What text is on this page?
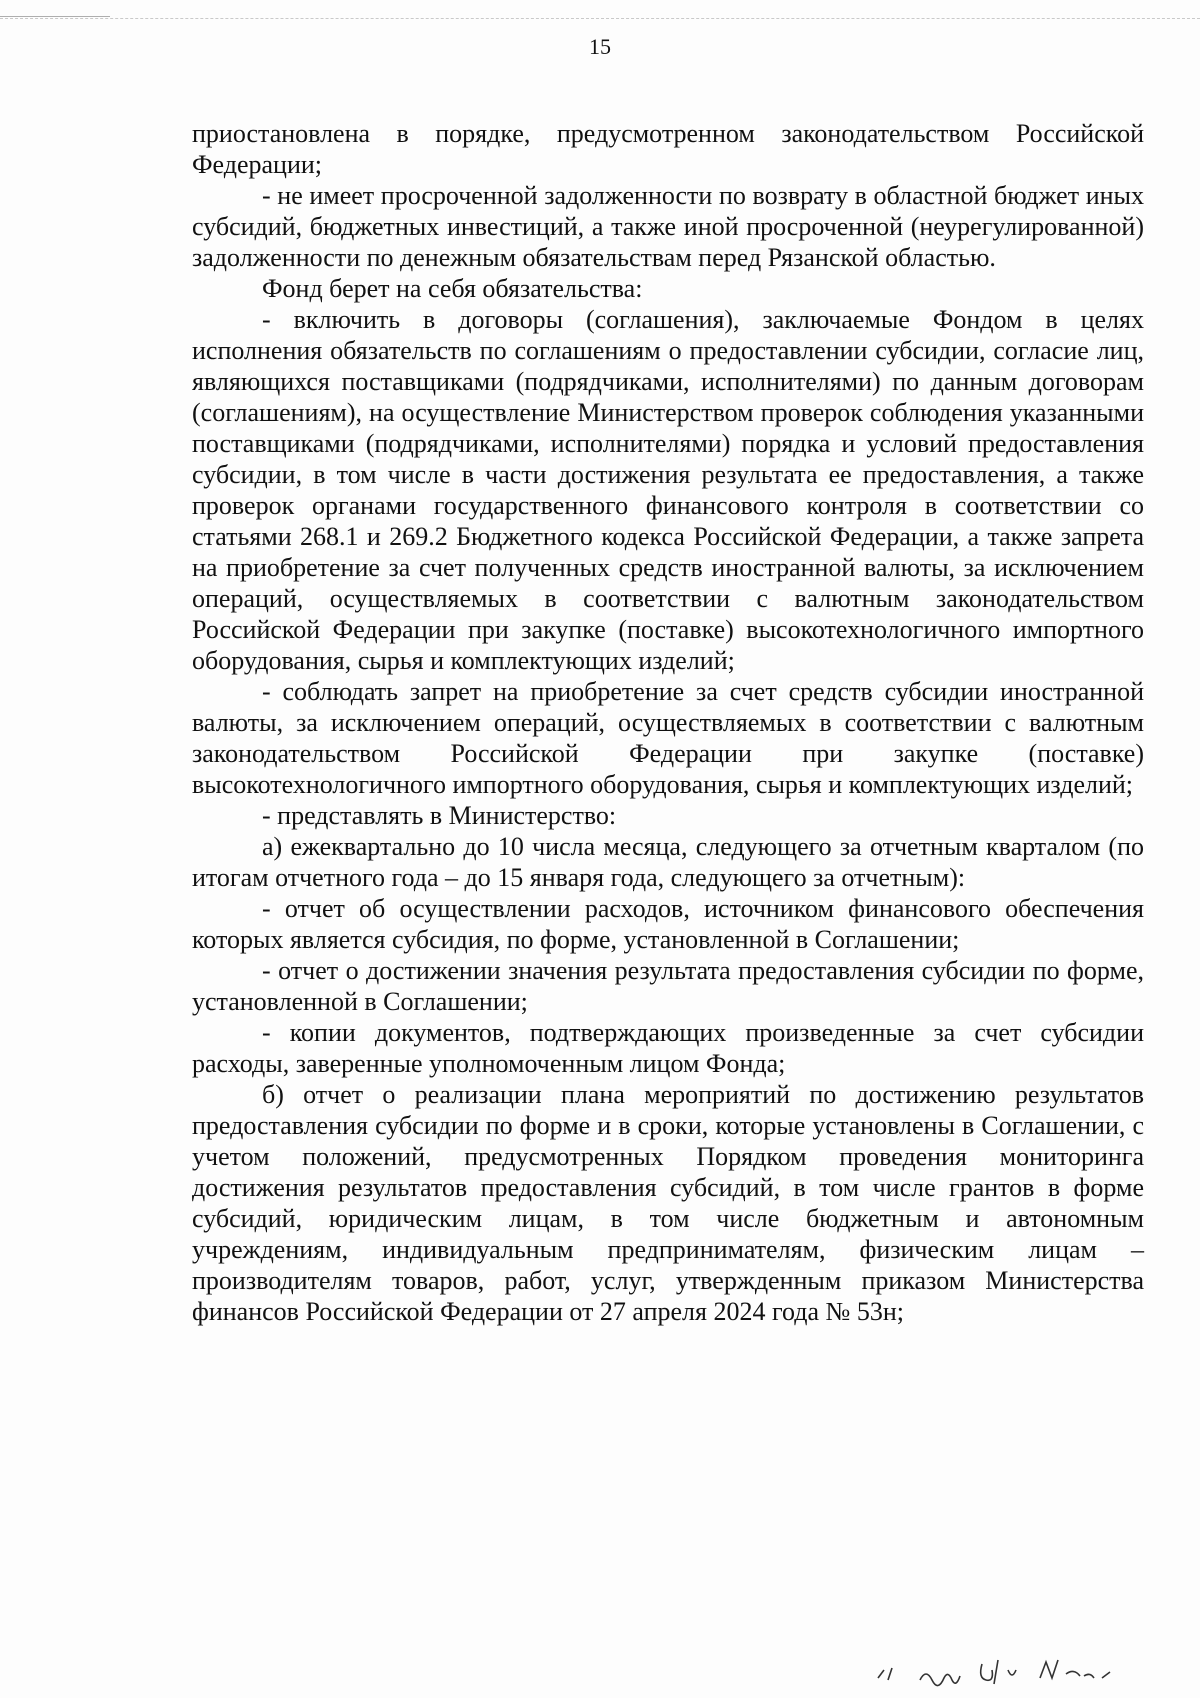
15

приостановлена в порядке, предусмотренном законодательством Российской Федерации;

- не имеет просроченной задолженности по возврату в областной бюджет иных субсидий, бюджетных инвестиций, а также иной просроченной (неурегулированной) задолженности по денежным обязательствам перед Рязанской областью.

Фонд берет на себя обязательства:

- включить в договоры (соглашения), заключаемые Фондом в целях исполнения обязательств по соглашениям о предоставлении субсидии, согласие лиц, являющихся поставщиками (подрядчиками, исполнителями) по данным договорам (соглашениям), на осуществление Министерством проверок соблюдения указанными поставщиками (подрядчиками, исполнителями) порядка и условий предоставления субсидии, в том числе в части достижения результата ее предоставления, а также проверок органами государственного финансового контроля в соответствии со статьями 268.1 и 269.2 Бюджетного кодекса Российской Федерации, а также запрета на приобретение за счет полученных средств иностранной валюты, за исключением операций, осуществляемых в соответствии с валютным законодательством Российской Федерации при закупке (поставке) высокотехнологичного импортного оборудования, сырья и комплектующих изделий;

- соблюдать запрет на приобретение за счет средств субсидии иностранной валюты, за исключением операций, осуществляемых в соответствии с валютным законодательством Российской Федерации при закупке (поставке) высокотехнологичного импортного оборудования, сырья и комплектующих изделий;

- представлять в Министерство:

а) ежеквартально до 10 числа месяца, следующего за отчетным кварталом (по итогам отчетного года – до 15 января года, следующего за отчетным):

- отчет об осуществлении расходов, источником финансового обеспечения которых является субсидия, по форме, установленной в Соглашении;

- отчет о достижении значения результата предоставления субсидии по форме, установленной в Соглашении;

- копии документов, подтверждающих произведенные за счет субсидии расходы, заверенные уполномоченным лицом Фонда;

б) отчет о реализации плана мероприятий по достижению результатов предоставления субсидии по форме и в сроки, которые установлены в Соглашении, с учетом положений, предусмотренных Порядком проведения мониторинга достижения результатов предоставления субсидий, в том числе грантов в форме субсидий, юридическим лицам, в том числе бюджетным и автономным учреждениям, индивидуальным предпринимателям, физическим лицам – производителям товаров, работ, услуг, утвержденным приказом Министерства финансов Российской Федерации от 27 апреля 2024 года № 53н;
